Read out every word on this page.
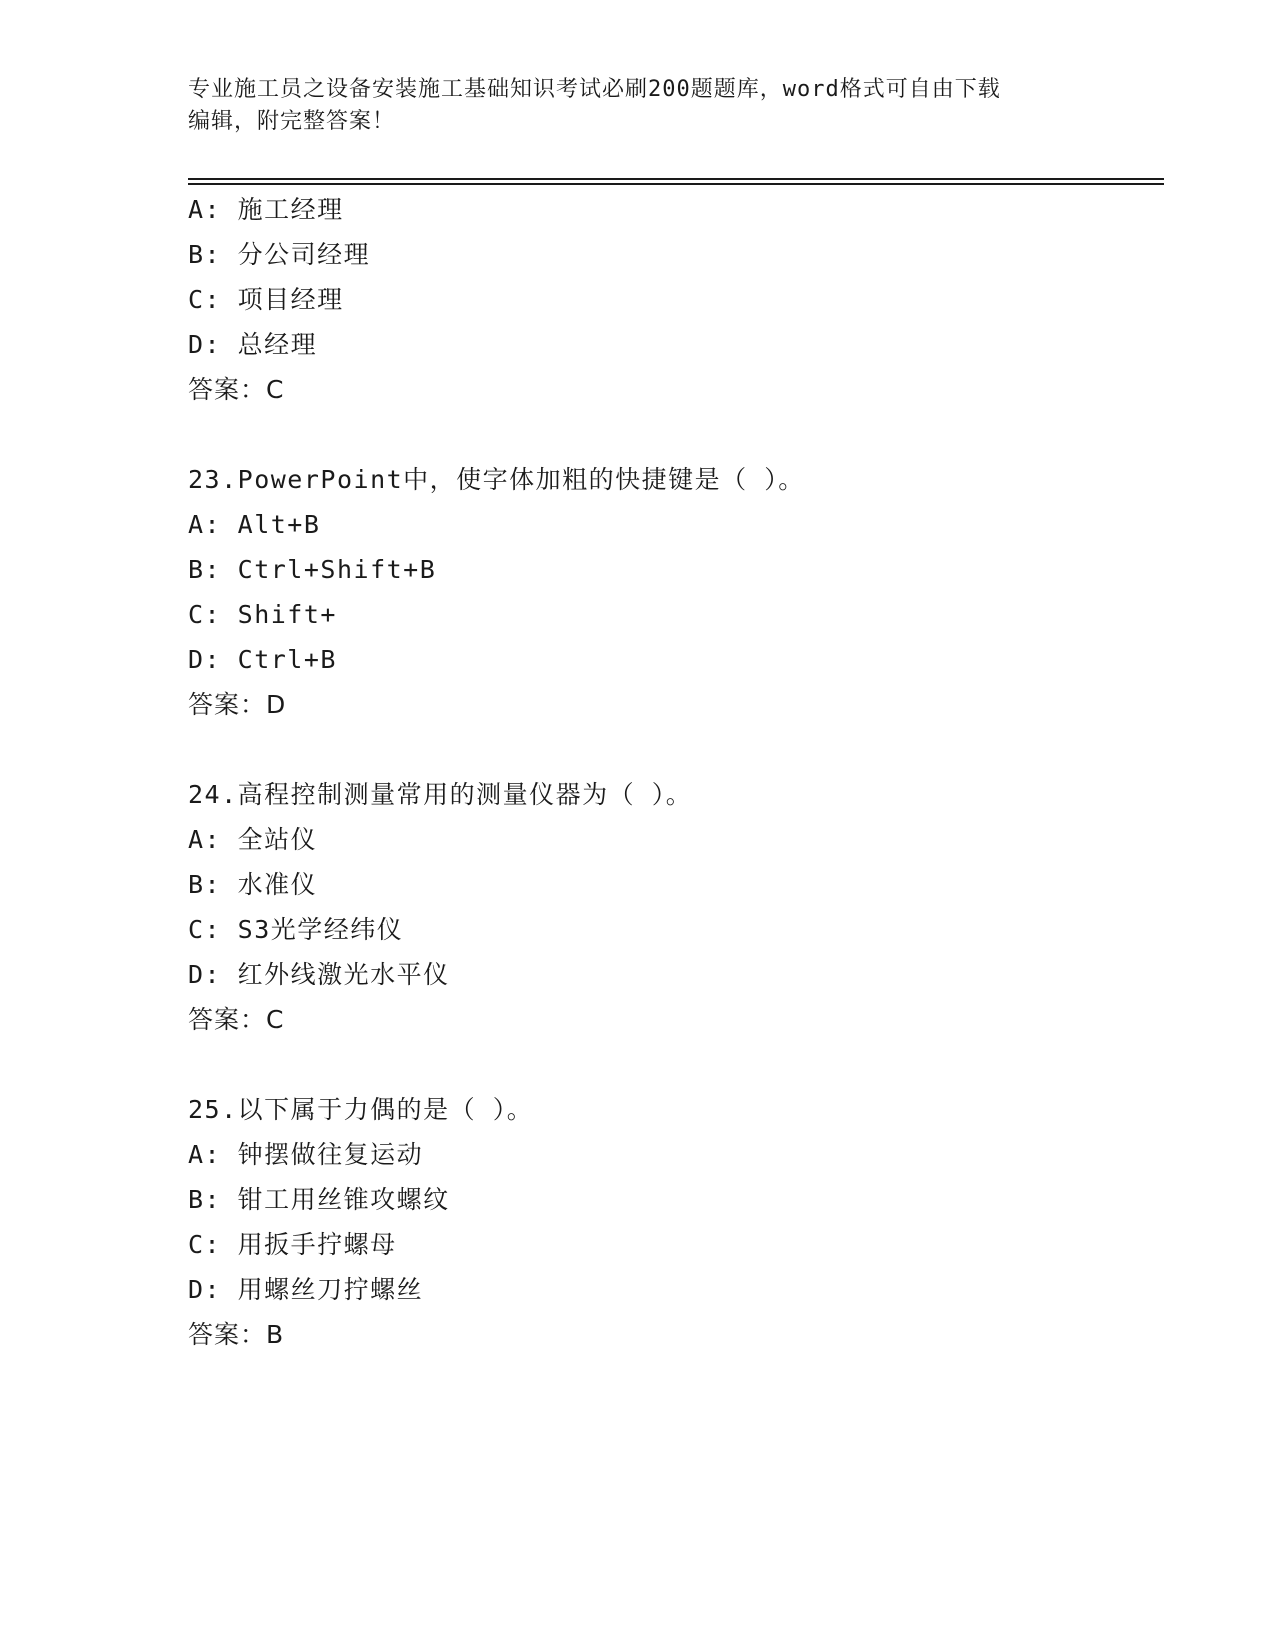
专业施工员之设备安装施工基础知识考试必刷200题题库，word格式可自由下载
编辑，附完整答案！
A: 施工经理
B: 分公司经理
C: 项目经理
D: 总经理
答案：C
23.PowerPoint中，使字体加粗的快捷键是（ ）。
A: Alt+B
B: Ctrl+Shift+B
C: Shift+
D: Ctrl+B
答案：D
24.高程控制测量常用的测量仪器为（ ）。
A: 全站仪
B: 水准仪
C: S3光学经纬仪
D: 红外线激光水平仪
答案：C
25.以下属于力偶的是（ ）。
A: 钟摆做往复运动
B: 钳工用丝锥攻螺纹
C: 用扳手拧螺母
D: 用螺丝刀拧螺丝
答案：B
